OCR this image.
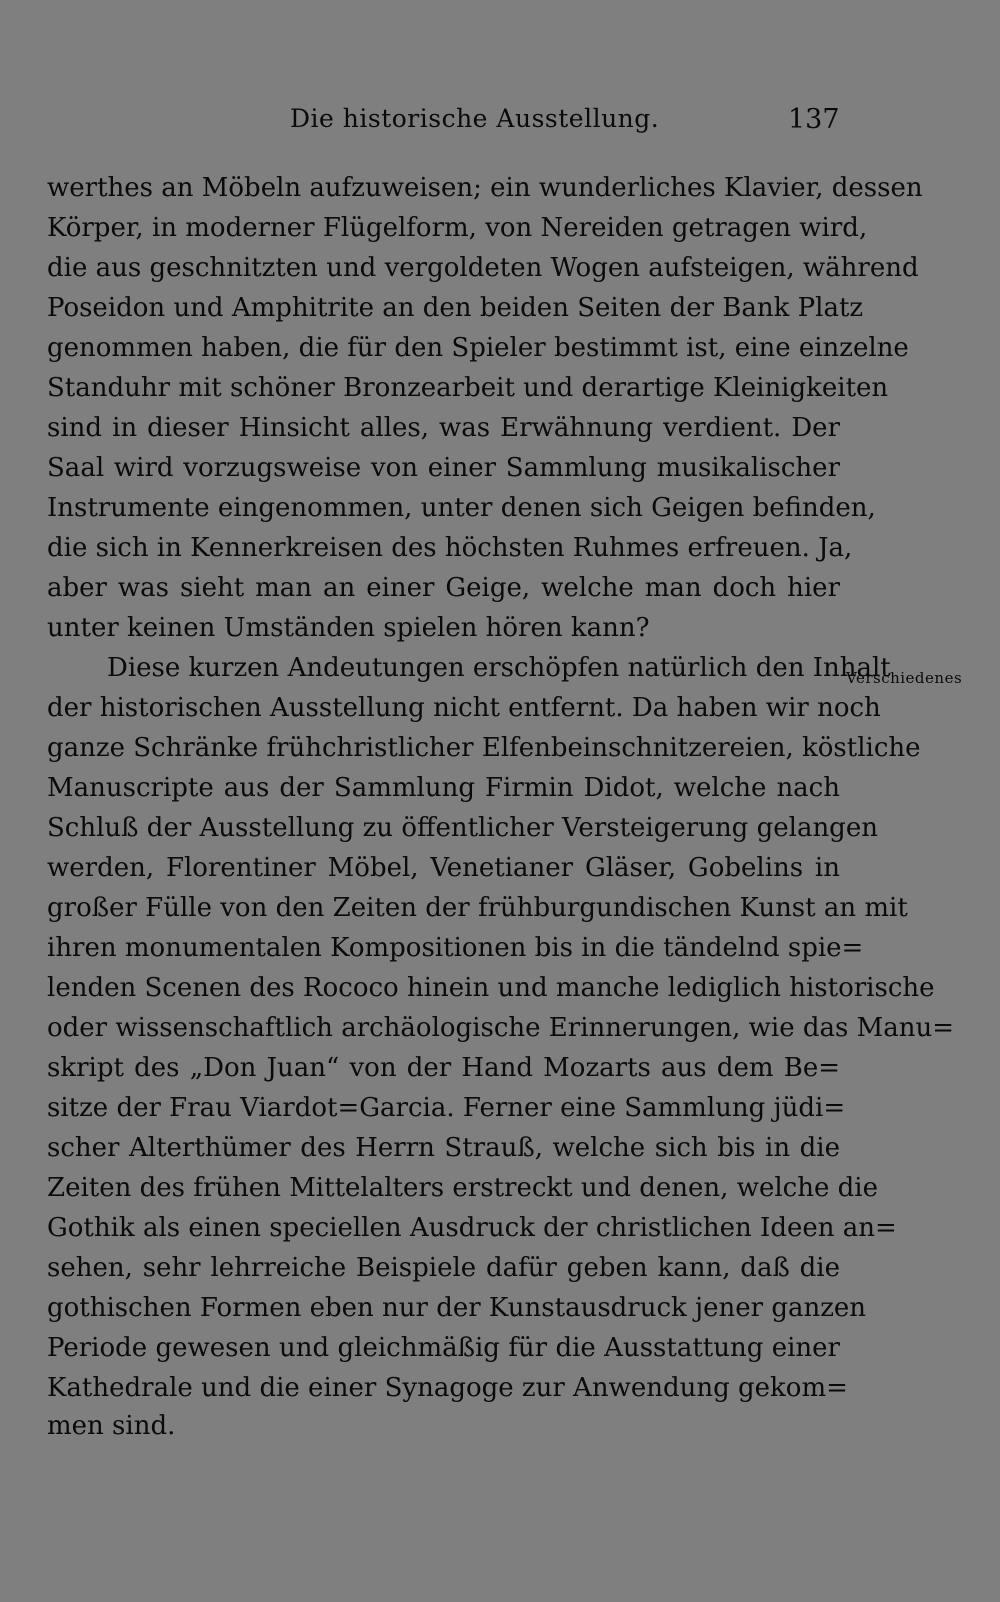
Die historische Ausstellung.	137
werthes an Möbeln aufzuweisen; ein wunderliches Klavier, dessen
Körper, in moderner Flügelform, von Nereiden getragen wird,
die aus geschnitzten und vergoldeten Wogen aufsteigen, während
Poseidon und Amphitrite an den beiden Seiten der Bank Platz
genommen haben, die für den Spieler bestimmt ist, eine einzelne
Standuhr mit schöner Bronzearbeit und derartige Kleinigkeiten
sind in dieser Hinsicht alles, was Erwähnung verdient. Der
Saal wird vorzugsweise von einer Sammlung musikalischer
Instrumente eingenommen, unter denen sich Geigen befinden,
die sich in Kennerkreisen des höchsten Ruhmes erfreuen. Ja,
aber was sieht man an einer Geige, welche man doch hier
unter keinen Umständen spielen hören kann?
Diese kurzen Andeutungen erschöpfen natürlich den Inhalt
der historischen Ausstellung nicht entfernt. Da haben wir noch
ganze Schränke frühchristlicher Elfenbeinschnitzereien, köstliche
Manuscripte aus der Sammlung Firmin Didot, welche nach
Schluß der Ausstellung zu öffentlicher Versteigerung gelangen
werden, Florentiner Möbel, Venetianer Gläser, Gobelins in
großer Fülle von den Zeiten der frühburgundischen Kunst an mit
ihren monumentalen Kompositionen bis in die tändelnd spie=
lenden Scenen des Rococo hinein und manche lediglich historische
oder wissenschaftlich archäologische Erinnerungen, wie das Manu=
skript des „Don Juan“ von der Hand Mozarts aus dem Be=
sitze der Frau Viardot=Garcia. Ferner eine Sammlung jüdi=
scher Alterthümer des Herrn Strauß, welche sich bis in die
Zeiten des frühen Mittelalters erstreckt und denen, welche die
Gothik als einen speciellen Ausdruck der christlichen Ideen an=
sehen, sehr lehrreiche Beispiele dafür geben kann, daß die
gothischen Formen eben nur der Kunstausdruck jener ganzen
Periode gewesen und gleichmäßig für die Ausstattung einer
Kathedrale und die einer Synagoge zur Anwendung gekom=
men sind.
Verschiedenes
